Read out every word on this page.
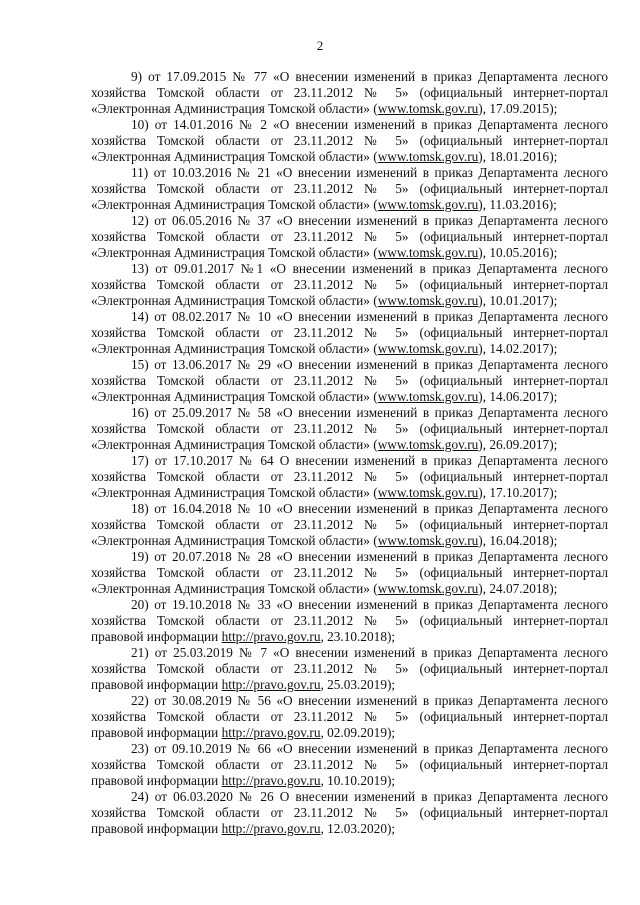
2
9) от 17.09.2015 № 77 «О внесении изменений в приказ Департамента лесного
хозяйства Томской области от 23.11.2012 № 5» (официальный интернет-портал
«Электронная Администрация Томской области» (www.tomsk.gov.ru), 17.09.2015);
10) от 14.01.2016 № 2 «О внесении изменений в приказ Департамента лесного
хозяйства Томской области от 23.11.2012 № 5» (официальный интернет-портал
«Электронная Администрация Томской области» (www.tomsk.gov.ru), 18.01.2016);
11) от 10.03.2016 № 21 «О внесении изменений в приказ Департамента лесного
хозяйства Томской области от 23.11.2012 № 5» (официальный интернет-портал
«Электронная Администрация Томской области» (www.tomsk.gov.ru), 11.03.2016);
12) от 06.05.2016 № 37 «О внесении изменений в приказ Департамента лесного
хозяйства Томской области от 23.11.2012 № 5» (официальный интернет-портал
«Электронная Администрация Томской области» (www.tomsk.gov.ru), 10.05.2016);
13) от 09.01.2017 №1 «О внесении изменений в приказ Департамента лесного
хозяйства Томской области от 23.11.2012 № 5» (официальный интернет-портал
«Электронная Администрация Томской области» (www.tomsk.gov.ru), 10.01.2017);
14) от 08.02.2017 № 10 «О внесении изменений в приказ Департамента лесного
хозяйства Томской области от 23.11.2012 № 5» (официальный интернет-портал
«Электронная Администрация Томской области» (www.tomsk.gov.ru), 14.02.2017);
15) от 13.06.2017 № 29 «О внесении изменений в приказ Департамента лесного
хозяйства Томской области от 23.11.2012 № 5» (официальный интернет-портал
«Электронная Администрация Томской области» (www.tomsk.gov.ru), 14.06.2017);
16) от 25.09.2017 № 58 «О внесении изменений в приказ Департамента лесного
хозяйства Томской области от 23.11.2012 № 5» (официальный интернет-портал
«Электронная Администрация Томской области» (www.tomsk.gov.ru), 26.09.2017);
17) от 17.10.2017 № 64 О внесении изменений в приказ Департамента лесного
хозяйства Томской области от 23.11.2012 № 5» (официальный интернет-портал
«Электронная Администрация Томской области» (www.tomsk.gov.ru), 17.10.2017);
18) от 16.04.2018 № 10 «О внесении изменений в приказ Департамента лесного
хозяйства Томской области от 23.11.2012 № 5» (официальный интернет-портал
«Электронная Администрация Томской области» (www.tomsk.gov.ru), 16.04.2018);
19) от 20.07.2018 № 28 «О внесении изменений в приказ Департамента лесного
хозяйства Томской области от 23.11.2012 № 5» (официальный интернет-портал
«Электронная Администрация Томской области» (www.tomsk.gov.ru), 24.07.2018);
20) от 19.10.2018 № 33 «О внесении изменений в приказ Департамента лесного
хозяйства Томской области от 23.11.2012 № 5» (официальный интернет-портал
правовой информации http://pravo.gov.ru, 23.10.2018);
21) от 25.03.2019 № 7 «О внесении изменений в приказ Департамента лесного
хозяйства Томской области от 23.11.2012 № 5» (официальный интернет-портал
правовой информации http://pravo.gov.ru, 25.03.2019);
22) от 30.08.2019 № 56 «О внесении изменений в приказ Департамента лесного
хозяйства Томской области от 23.11.2012 № 5» (официальный интернет-портал
правовой информации http://pravo.gov.ru, 02.09.2019);
23) от 09.10.2019 № 66 «О внесении изменений в приказ Департамента лесного
хозяйства Томской области от 23.11.2012 № 5» (официальный интернет-портал
правовой информации http://pravo.gov.ru, 10.10.2019);
24) от 06.03.2020 № 26 О внесении изменений в приказ Департамента лесного
хозяйства Томской области от 23.11.2012 № 5» (официальный интернет-портал
правовой информации http://pravo.gov.ru, 12.03.2020);
